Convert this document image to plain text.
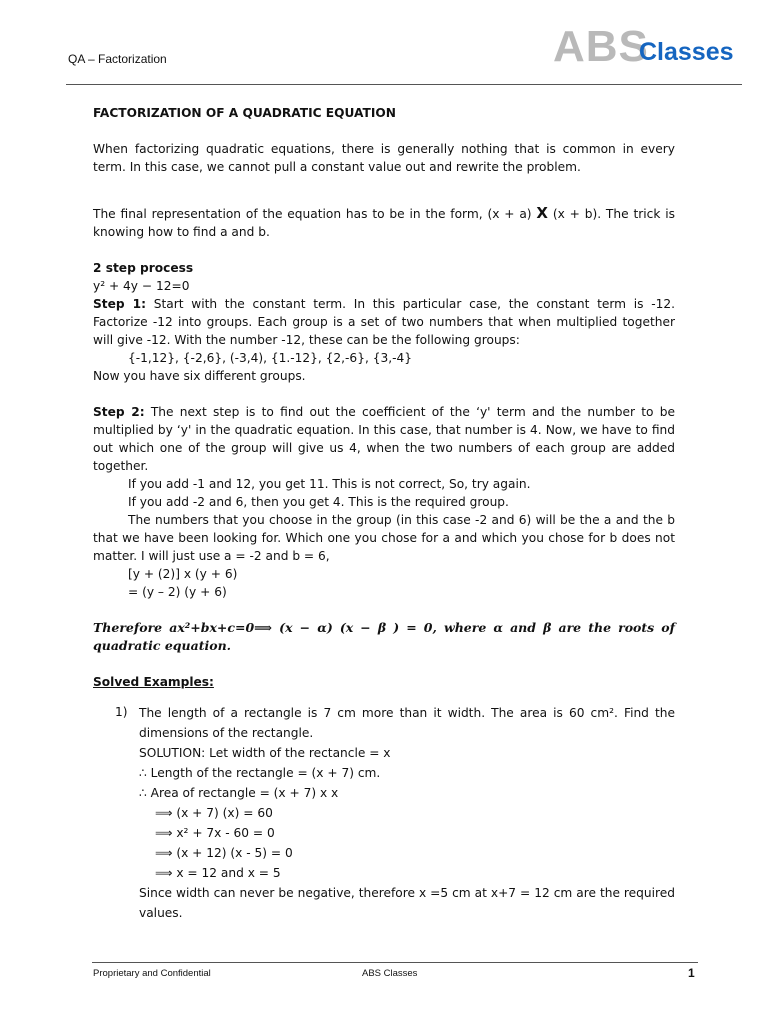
QA – Factorization	ABS
Classes

FACTORIZATION OF A QUADRATIC EQUATION

When factorizing quadratic equations, there is generally nothing that is common in every term. In this case, we cannot pull a constant value out and rewrite the problem.

The final representation of the equation has to be in the form, (x + a) X (x + b). The trick is knowing how to find a and b.

2 step process

y² + 4y − 12=0

Step 1: Start with the constant term. In this particular case, the constant term is -12. Factorize -12 into groups. Each group is a set of two numbers that when multiplied together will give -12. With the number -12, these can be the following groups:

{-1,12}, {-2,6}, (-3,4), {1.-12}, {2,-6}, {3,-4}

Now you have six different groups.

Step 2: The next step is to find out the coefficient of the ‘y' term and the number to be multiplied by ‘y' in the quadratic equation. In this case, that number is 4. Now, we have to find out which one of the group will give us 4, when the two numbers of each group are added together.

If you add -1 and 12, you get 11. This is not correct, So, try again.

If you add -2 and 6, then you get 4. This is the required group.

The numbers that you choose in the group (in this case -2 and 6) will be the a and the b that we have been looking for. Which one you chose for a and which you chose for b does not matter. I will just use a = -2 and b = 6,

[y + (2)] x (y + 6)

= (y – 2) (y + 6)

Therefore 𝒂𝒙²+bx+c=0⟹ (x − α) (x − β ) = 0, where α and β are the roots of quadratic equation.

Solved Examples:

1) The length of a rectangle is 7 cm more than it width. The area is 60 cm². Find the dimensions of the rectangle.

SOLUTION: Let width of the rectancle = x

∴ Length of the rectangle = (x + 7) cm.

∴ Area of rectangle = (x + 7) x x

⟹ (x + 7) (x) = 60

⟹ x² + 7x - 60 = 0

⟹ (x + 12) (x - 5) = 0

⟹ x = 12 and x = 5

Since width can never be negative, therefore x =5 cm at x+7 = 12 cm are the required values.

Proprietary and Confidential	ABS Classes	1
